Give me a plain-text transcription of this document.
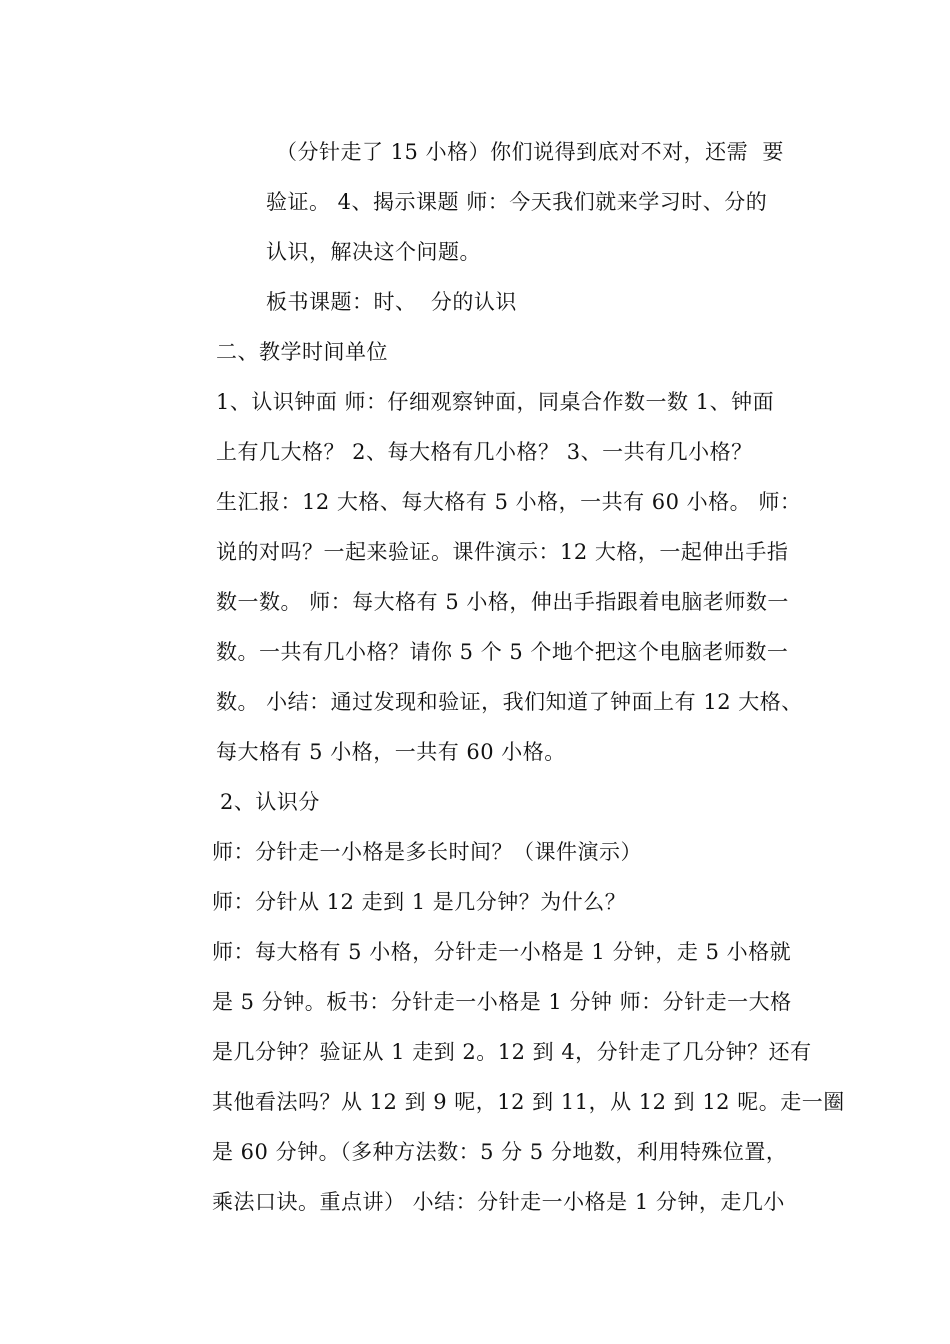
（分针走了 15 小格）你们说得到底对不对，还需  要
验证。 4、揭示课题 师：今天我们就来学习时、分的
认识，解决这个问题。
板书课题：时、  分的认识
二、教学时间单位
1、认识钟面 师：仔细观察钟面，同桌合作数一数 1、钟面
上有几大格？ 2、每大格有几小格？ 3、一共有几小格？
生汇报：12 大格、每大格有 5 小格，一共有 60 小格。 师：
说的对吗？一起来验证。课件演示：12 大格，一起伸出手指
数一数。 师：每大格有 5 小格，伸出手指跟着电脑老师数一
数。一共有几小格？请你 5 个 5 个地个把这个电脑老师数一
数。 小结：通过发现和验证，我们知道了钟面上有 12 大格、
每大格有 5 小格，一共有 60 小格。
2、认识分
师：分针走一小格是多长时间？（课件演示）
师：分针从 12 走到 1 是几分钟？为什么？
师：每大格有 5 小格，分针走一小格是 1 分钟，走 5 小格就
是 5 分钟。板书：分针走一小格是 1 分钟 师：分针走一大格
是几分钟？验证从 1 走到 2。12 到 4，分针走了几分钟？还有
其他看法吗？从 12 到 9 呢，12 到 11，从 12 到 12 呢。走一圈
是 60 分钟。（多种方法数：5 分 5 分地数，利用特殊位置，
乘法口诀。重点讲） 小结：分针走一小格是 1 分钟，走几小
